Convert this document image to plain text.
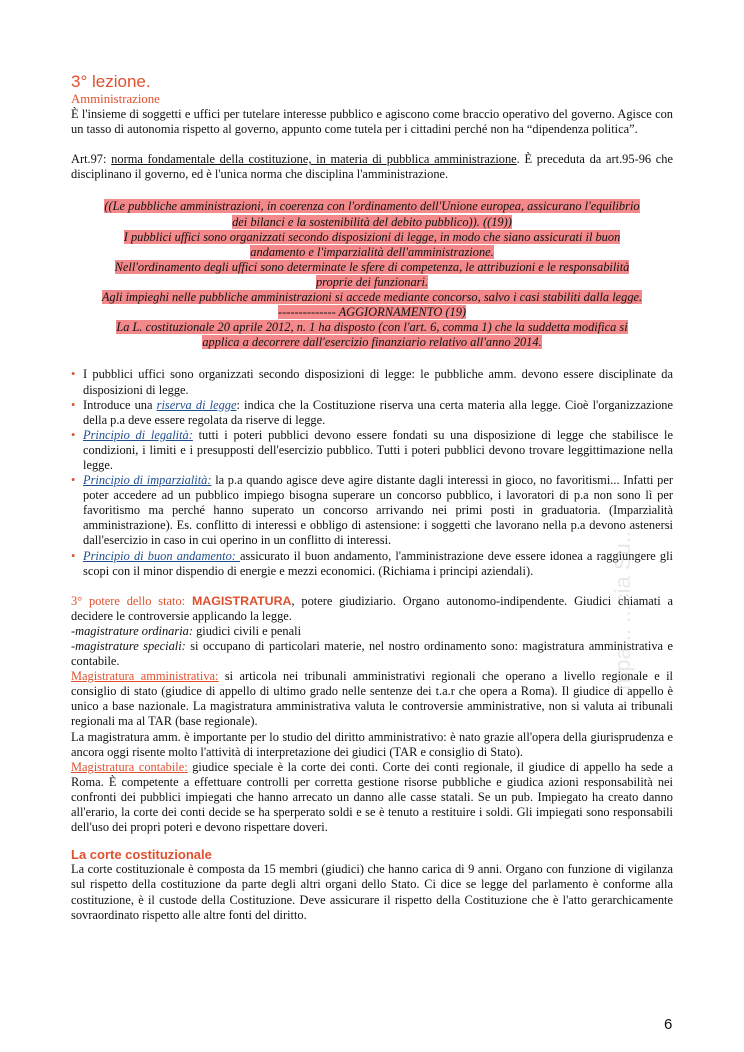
3° lezione.
Amministrazione

È l'insieme di soggetti e uffici per tutelare interesse pubblico e agiscono come braccio operativo del governo. Agisce con un tasso di autonomia rispetto al governo, appunto come tutela per i cittadini perché non ha “dipendenza politica”.

Art.97: norma fondamentale della costituzione, in materia di pubblica amministrazione. È preceduta da art.95-96 che disciplinano il governo, ed è l'unica norma che disciplina l'amministrazione.

((Le pubbliche amministrazioni, in coerenza con l'ordinamento dell'Unione europea, assicurano l'equilibrio
dei bilanci e la sostenibilità del debito pubblico)). ((19))
I pubblici uffici sono organizzati secondo disposizioni di legge, in modo che siano assicurati il buon
andamento e l'imparzialità dell'amministrazione.
Nell'ordinamento degli uffici sono determinate le sfere di competenza, le attribuzioni e le responsabilità
proprie dei funzionari.
Agli impieghi nelle pubbliche amministrazioni si accede mediante concorso, salvo i casi stabiliti dalla legge.
-------------- AGGIORNAMENTO (19)
La L. costituzionale 20 aprile 2012, n. 1 ha disposto (con l'art. 6, comma 1) che la suddetta modifica si
applica a decorrere dall'esercizio finanziario relativo all'anno 2014.
• I pubblici uffici sono organizzati secondo disposizioni di legge: le pubbliche amm. devono essere disciplinate da disposizioni di legge.
• Introduce una riserva di legge: indica che la Costituzione riserva una certa materia alla legge. Cioè l'organizzazione della p.a deve essere regolata da riserve di legge.
• Principio di legalità: tutti i poteri pubblici devono essere fondati su una disposizione di legge che stabilisce le condizioni, i limiti e i presupposti dell'esercizio pubblico. Tutti i poteri pubblici devono trovare leggittimazione nella legge.
• Principio di imparzialità: la p.a quando agisce deve agire distante dagli interessi in gioco, no favoritismi... Infatti per poter accedere ad un pubblico impiego bisogna superare un concorso pubblico, i lavoratori di p.a non sono lì per favoritismo ma perché hanno superato un concorso arrivando nei primi posti in graduatoria. (Imparzialità amministrazione). Es. conflitto di interessi e obbligo di astensione: i soggetti che lavorano nella p.a devono astenersi dall'esercizio in caso in cui operino in un conflitto di interessi.
• Principio di buon andamento: assicurato il buon andamento, l'amministrazione deve essere idonea a raggiungere gli scopi con il minor dispendio di energie e mezzi economici. (Richiama i principi aziendali).

3° potere dello stato: MAGISTRATURA, potere giudiziario. Organo autonomo-indipendente. Giudici chiamati a decidere le controversie applicando la legge.

-magistrature ordinaria: giudici civili e penali

-magistrature speciali: si occupano di particolari materie, nel nostro ordinamento sono: magistratura amministrativa e contabile.

Magistratura amministrativa: si articola nei tribunali amministrativi regionali che operano a livello regionale e il consiglio di stato (giudice di appello di ultimo grado nelle sentenze dei t.a.r che opera a Roma). Il giudice di appello è unico a base nazionale. La magistratura amministrativa valuta le controversie amministrative, non si valuta ai tribunali regionali ma al TAR (base regionale).

La magistratura amm. è importante per lo studio del diritto amministrativo: è nato grazie all'opera della giurisprudenza e ancora oggi risente molto l'attività di interpretazione dei giudici (TAR e consiglio di Stato).

Magistratura contabile: giudice speciale è la corte dei conti. Corte dei conti regionale, il giudice di appello ha sede a Roma. È competente a effettuare controlli per corretta gestione risorse pubbliche e giudica azioni responsabilità nei confronti dei pubblici impiegati che hanno arrecato un danno alle casse statali. Se un pub. Impiegato ha creato danno all'erario, la corte dei conti decide se ha sperperato soldi e se è tenuto a restituire i soldi. Gli impiegati sono responsabili dell'uso dei propri poteri e devono rispettare doveri.

La corte costituzionale

La corte costituzionale è composta da 15 membri (giudici) che hanno carica di 9 anni. Organo con funzione di vigilanza sul rispetto della costituzione da parte degli altri organi dello Stato. Ci dice se legge del parlamento è conforme alla costituzione, è il custode della Costituzione. Deve assicurare il rispetto della Costituzione che è l'atto gerarchicamente sovraordinato rispetto alle altre fonti del diritto.

mpa... ...cia Su...
6
